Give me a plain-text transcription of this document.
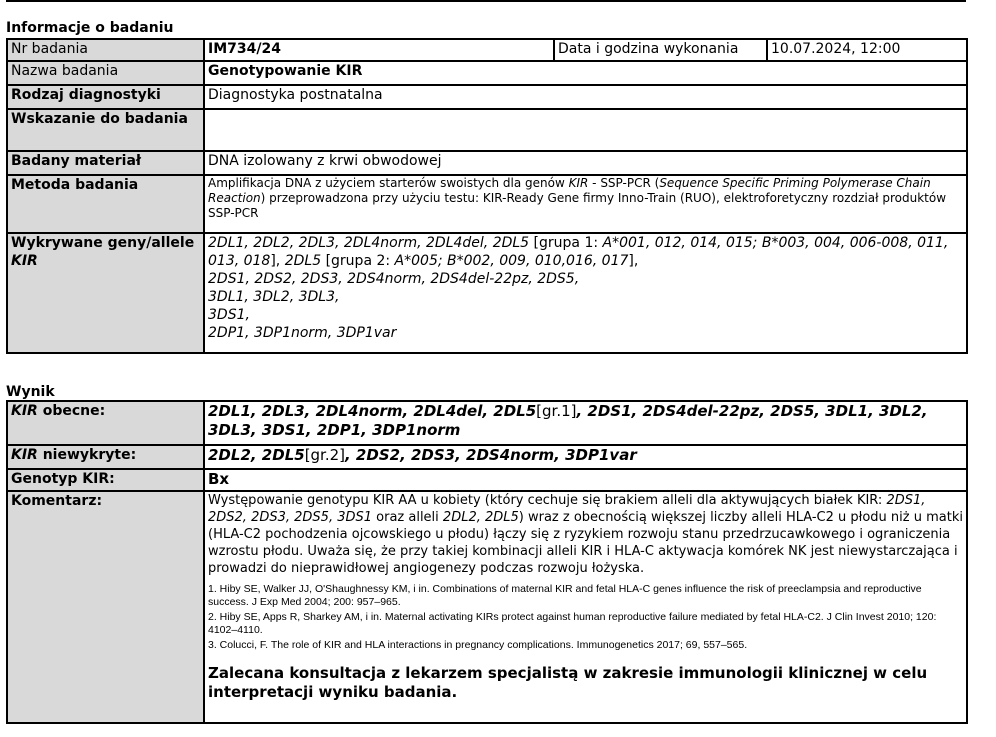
Informacje o badaniu
Nr badania	IM734/24	Data i godzina wykonania	10.07.2024, 12:00
Nazwa badania	Genotypowanie KIR		
Rodzaj diagnostyki	Diagnostyka postnatalna		
Wskazanie do badania			
Badany materiał	DNA izolowany z krwi obwodowej		
Metoda badania	Amplifikacja DNA z użyciem starterów swoistych dla genów KIR - SSP-PCR (Sequence Specific Priming Polymerase Chain Reaction) przeprowadzona przy użyciu testu: KIR-Ready Gene firmy Inno-Train (RUO), elektroforetyczny rozdział produktów SSP-PCR		
Wykrywane geny/allele KIR	2DL1, 2DL2, 2DL3, 2DL4norm, 2DL4del, 2DL5 [grupa 1: A*001, 012, 014, 015; B*003, 004, 006-008, 011, 013, 018], 2DL5 [grupa 2: A*005; B*002, 009, 010,016, 017],
2DS1, 2DS2, 2DS3, 2DS4norm, 2DS4del-22pz, 2DS5,
3DL1, 3DL2, 3DL3,
3DS1,
2DP1, 3DP1norm, 3DP1var		
Wynik
KIR obecne:	2DL1, 2DL3, 2DL4norm, 2DL4del, 2DL5[gr.1], 2DS1, 2DS4del-22pz, 2DS5, 3DL1, 3DL2, 3DL3, 3DS1, 2DP1, 3DP1norm
KIR niewykryte:	2DL2, 2DL5[gr.2], 2DS2, 2DS3, 2DS4norm, 3DP1var
Genotyp KIR:	Bx
Komentarz:	Występowanie genotypu KIR AA u kobiety (który cechuje się brakiem alleli dla aktywujących białek KIR: 2DS1, 2DS2, 2DS3, 2DS5, 3DS1 oraz alleli 2DL2, 2DL5) wraz z obecnością większej liczby alleli HLA-C2 u płodu niż u matki (HLA-C2 pochodzenia ojcowskiego u płodu) łączy się z ryzykiem rozwoju stanu przedrzucawkowego i ograniczenia wzrostu płodu. Uważa się, że przy takiej kombinacji alleli KIR i HLA-C aktywacja komórek NK jest niewystarczająca i prowadzi do nieprawidłowej angiogenezy podczas rozwoju łożyska.
1. Hiby SE, Walker JJ, O'Shaughnessy KM, i in. Combinations of maternal KIR and fetal HLA-C genes influence the risk of preeclampsia and reproductive success. J Exp Med 2004; 200: 957–965.
2. Hiby SE, Apps R, Sharkey AM, i in. Maternal activating KIRs protect against human reproductive failure mediated by fetal HLA-C2. J Clin Invest 2010; 120: 4102–4110.
3. Colucci, F. The role of KIR and HLA interactions in pregnancy complications. Immunogenetics 2017; 69, 557–565.
Zalecana konsultacja z lekarzem specjalistą w zakresie immunologii klinicznej w celu interpretacji wyniku badania.
